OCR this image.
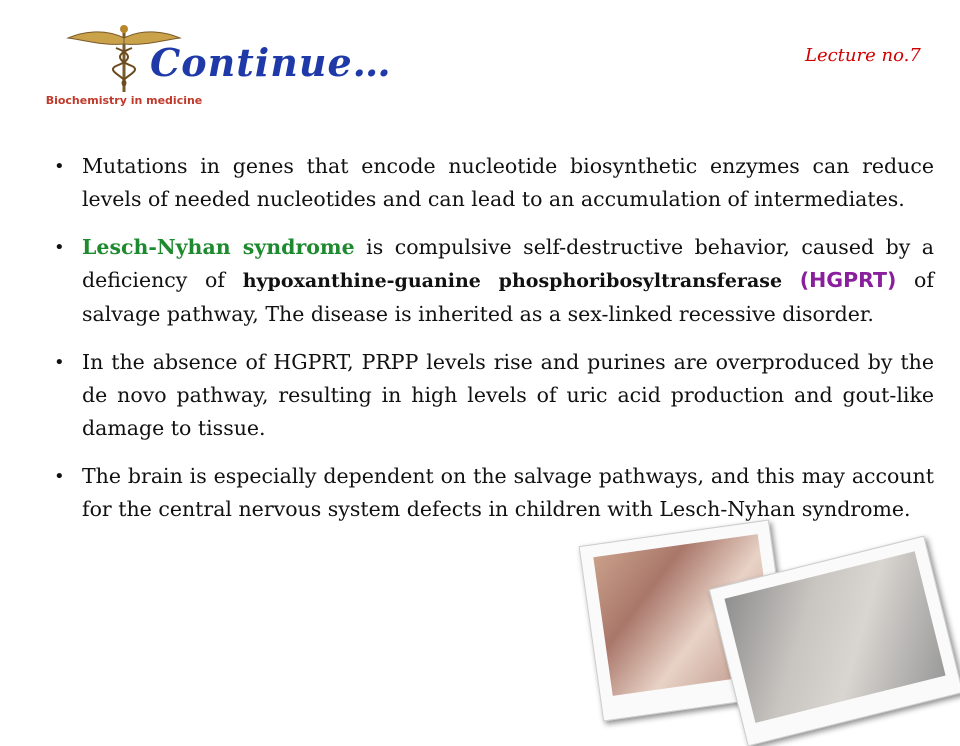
Biochemistry in medicine
Continue…	Lecture no.7
• Mutations in genes that encode nucleotide biosynthetic enzymes can reduce levels of needed nucleotides and can lead to an accumulation of intermediates.
• Lesch-Nyhan syndrome is compulsive self-destructive behavior, caused by a deficiency of hypoxanthine-guanine phosphoribosyltransferase (HGPRT) of salvage pathway, The disease is inherited as a sex-linked recessive disorder.
• In the absence of HGPRT, PRPP levels rise and purines are overproduced by the de novo pathway, resulting in high levels of uric acid production and gout-like damage to tissue.
• The brain is especially dependent on the salvage pathways, and this may account for the central nervous system defects in children with Lesch-Nyhan syndrome.
